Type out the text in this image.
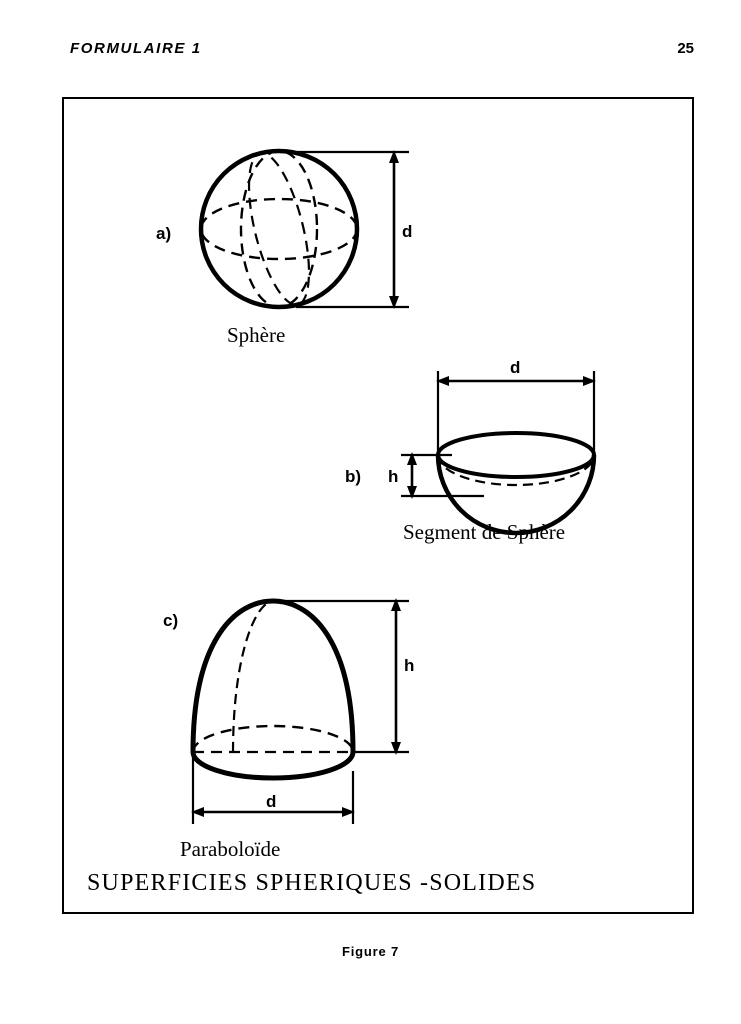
FORMULAIRE 1	25
d
a)
Sphère
d
h
b)
Segment de Sphère
h
d
c)
Paraboloïde
SUPERFICIES SPHERIQUES -SOLIDES
Figure 7
